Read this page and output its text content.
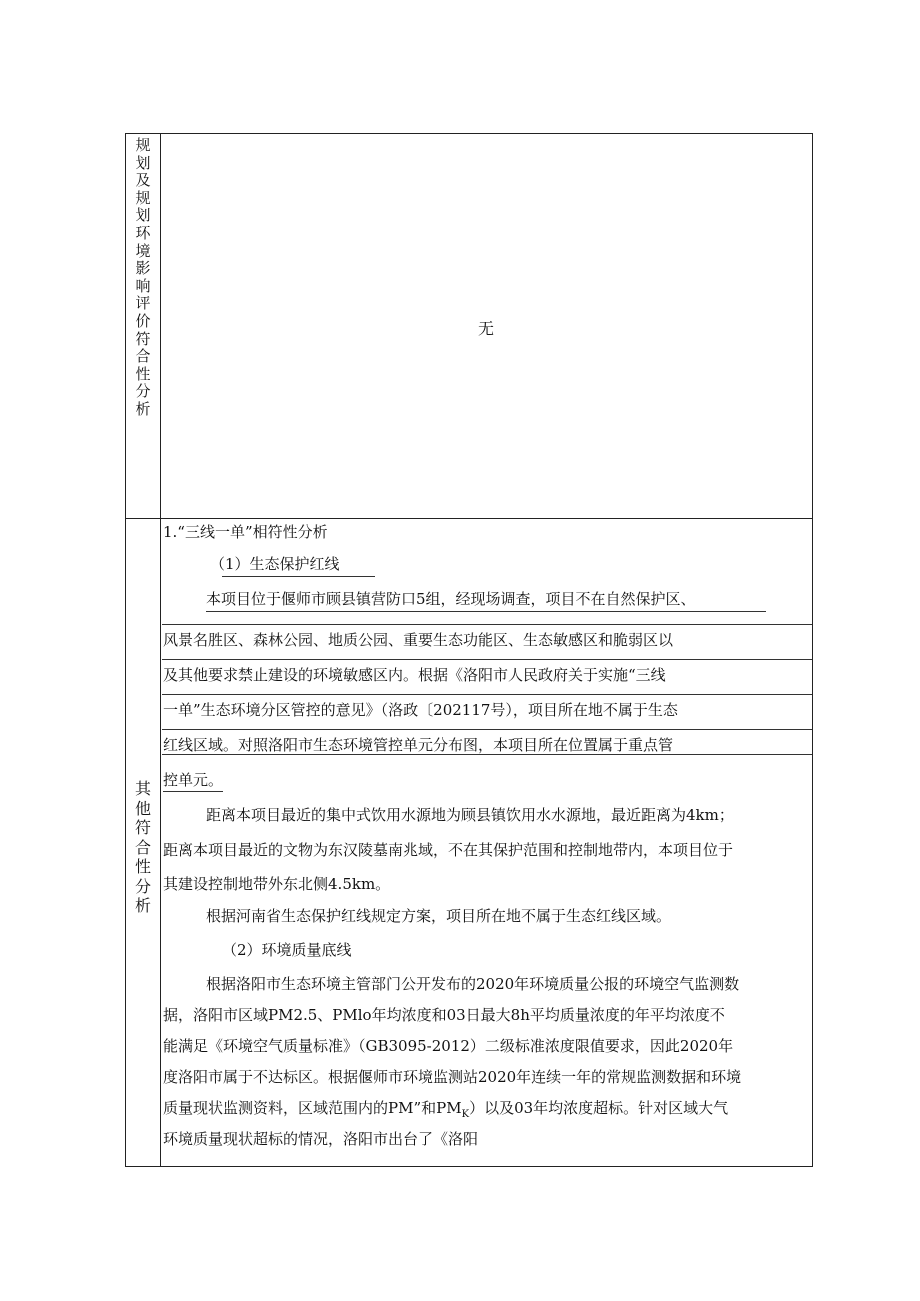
规划及规划环境影响评价符合性分析
无
其他符合性分析
1.“三线一单”相符性分析
（1）生态保护红线
本项目位于偃师市顾县镇营防口5组，经现场调查，项目不在自然保护区、
风景名胜区、森林公园、地质公园、重要生态功能区、生态敏感区和脆弱区以
及其他要求禁止建设的环境敏感区内。根据《洛阳市人民政府关于实施“三线
一单”生态环境分区管控的意见》（洛政〔202117号），项目所在地不属于生态
红线区域。对照洛阳市生态环境管控单元分布图，本项目所在位置属于重点管
控单元。
距离本项目最近的集中式饮用水源地为顾县镇饮用水水源地，最近距离为4km；
距离本项目最近的文物为东汉陵墓南兆域，不在其保护范围和控制地带内，本项目位于
其建设控制地带外东北侧4.5km。
根据河南省生态保护红线规定方案，项目所在地不属于生态红线区域。
（2）环境质量底线
根据洛阳市生态环境主管部门公开发布的2020年环境质量公报的环境空气监测数
据，洛阳市区域PM2.5、PMlo年均浓度和03日最大8h平均质量浓度的年平均浓度不
能满足《环境空气质量标准》（GB3095-2012）二级标准浓度限值要求，因此2020年
度洛阳市属于不达标区。根据偃师市环境监测站2020年连续一年的常规监测数据和环境
质量现状监测资料，区域范围内的PM”和$PM_K$）以及03年均浓度超标。针对区域大气
环境质量现状超标的情况，洛阳市出台了《洛阳
